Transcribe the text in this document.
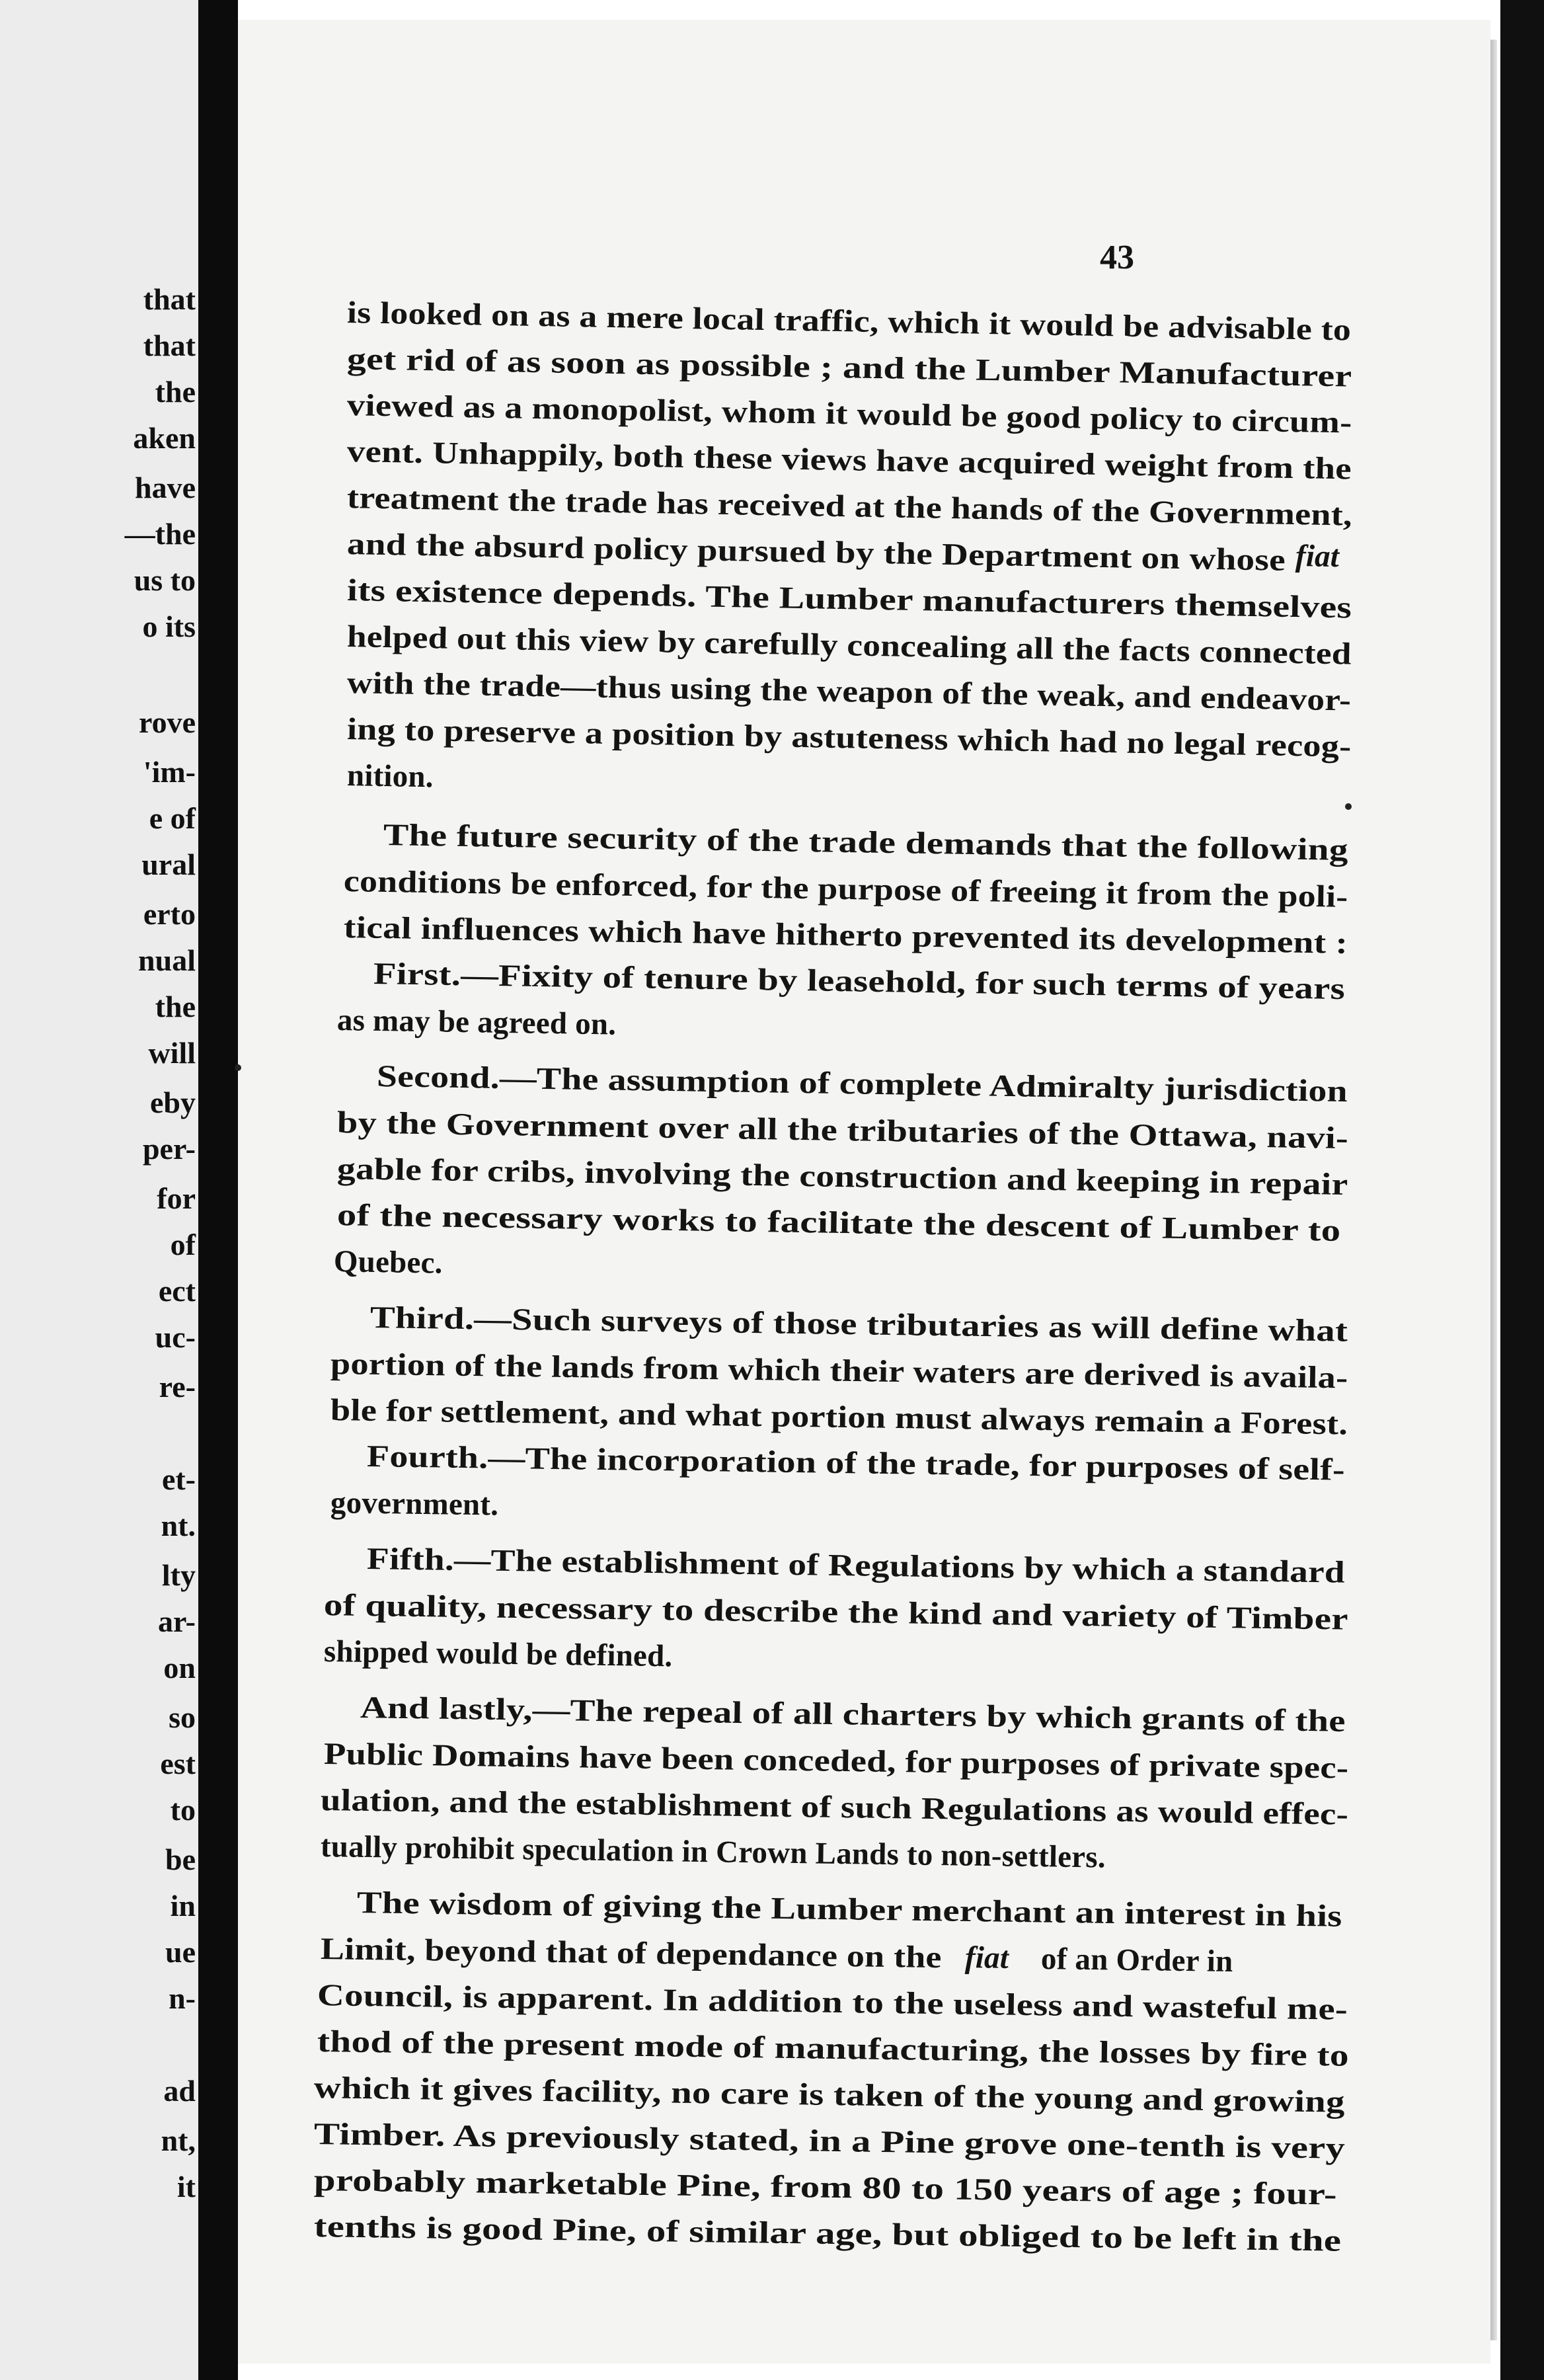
that
that
the
aken
have
—the
us to
o its
rove
'im-
e of
ural
erto
nual
the
will
eby
per-
for
of
ect
uc-
re-
et-
nt.
lty
ar-
on
so
est
to
be
in
ue
n-
ad
nt,
it
43
is looked on as a mere local traffic, which it would be advisable to
get rid of as soon as possible ; and the Lumber Manufacturer
viewed as a monopolist, whom it would be good policy to circum-
vent. Unhappily, both these views have acquired weight from the
treatment the trade has received at the hands of the Government,
and the absurd policy pursued by the Department on whose
its existence depends. The Lumber manufacturers themselves
helped out this view by carefully concealing all the facts connected
with the trade—thus using the weapon of the weak, and endeavor-
ing to preserve a position by astuteness which had no legal recog-
nition.
The future security of the trade demands that the following
conditions be enforced, for the purpose of freeing it from the poli-
tical influences which have hitherto prevented its development :
First.—Fixity of tenure by leasehold, for such terms of years
as may be agreed on.
Second.—The assumption of complete Admiralty jurisdiction
by the Government over all the tributaries of the Ottawa, navi-
gable for cribs, involving the construction and keeping in repair
of the necessary works to facilitate the descent of Lumber to
Quebec.
Third.—Such surveys of those tributaries as will define what
portion of the lands from which their waters are derived is availa-
ble for settlement, and what portion must always remain a Forest.
Fourth.—The incorporation of the trade, for purposes of self-
government.
Fifth.—The establishment of Regulations by which a standard
of quality, necessary to describe the kind and variety of Timber
shipped would be defined.
And lastly,—The repeal of all charters by which grants of the
Public Domains have been conceded, for purposes of private spec-
ulation, and the establishment of such Regulations as would effec-
tually prohibit speculation in Crown Lands to non-settlers.
The wisdom of giving the Lumber merchant an interest in his
Limit, beyond that of dependance on the
Council, is apparent. In addition to the useless and wasteful me-
thod of the present mode of manufacturing, the losses by fire to
which it gives facility, no care is taken of the young and growing
Timber. As previously stated, in a Pine grove one-tenth is very
probably marketable Pine, from 80 to 150 years of age ; four-
tenths is good Pine, of similar age, but obliged to be left in the
fiat
fiat of an Order in
